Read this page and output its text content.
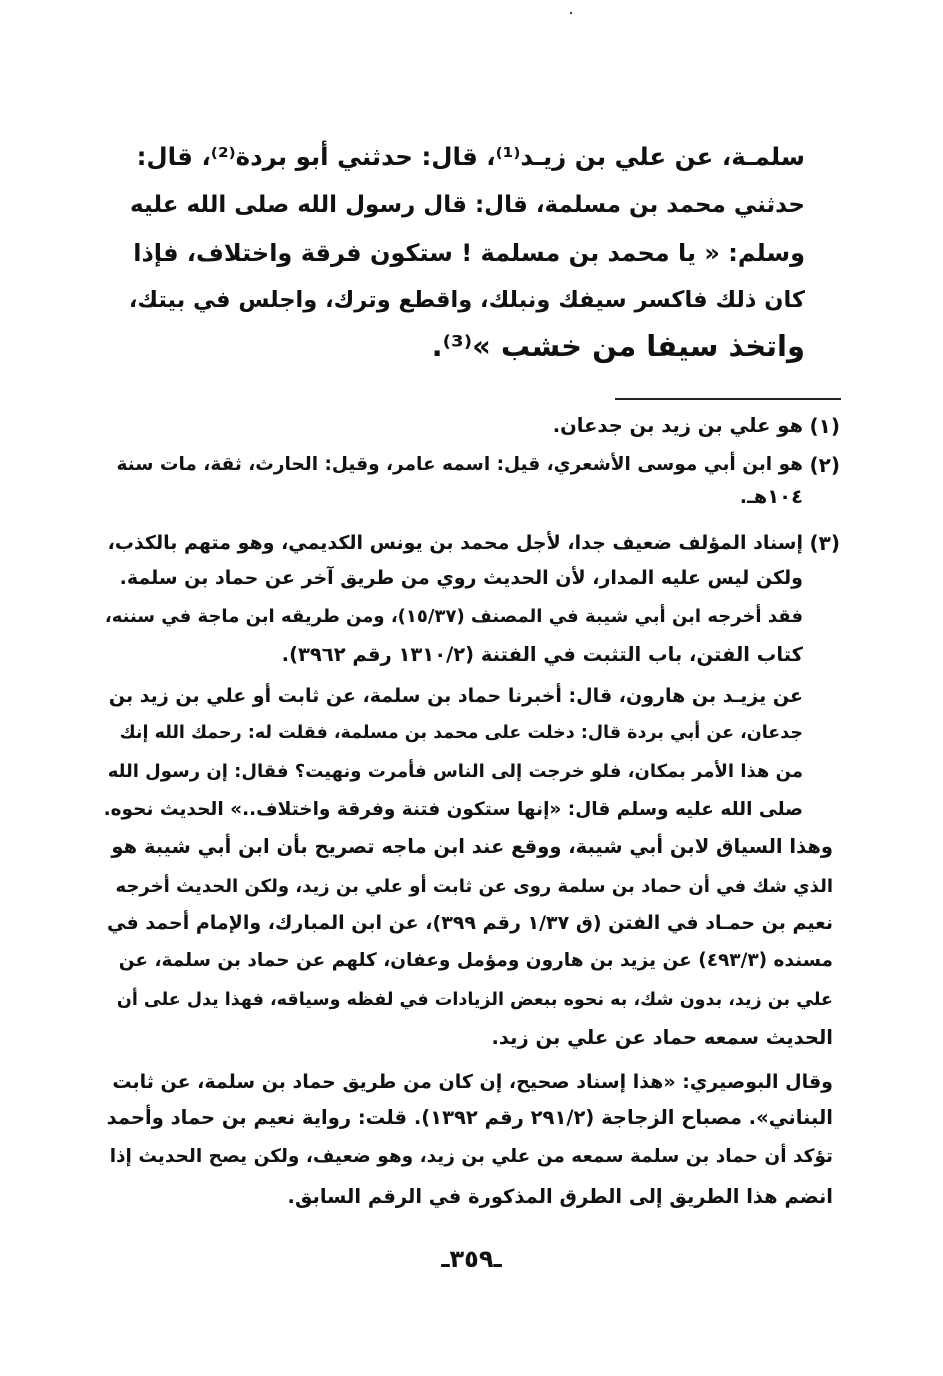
سلمـة، عن علي بن زيـد⁽¹⁾، قال: حدثني أبو بردة⁽²⁾، قال:
حدثني محمد بن مسلمة، قال: قال رسول الله صلى الله عليه
وسلم: « يا محمد بن مسلمة ! ستكون فرقة واختلاف، فإذا
كان ذلك فاكسر سيفك ونبلك، واقطع وترك، واجلس في بيتك،
واتخذ سيفا من خشب »⁽³⁾.
(١)
هو علي بن زيد بن جدعان.
(٢)
هو ابن أبي موسى الأشعري، قيل: اسمه عامر، وقيل: الحارث، ثقة، مات سنة
١٠٤هـ.
(٣)
إسناد المؤلف ضعيف جدا، لأجل محمد بن يونس الكديمي، وهو متهم بالكذب،
ولكن ليس عليه المدار، لأن الحديث روي من طريق آخر عن حماد بن سلمة.
فقد أخرجه ابن أبي شيبة في المصنف (١٥/٣٧)، ومن طريقه ابن ماجة في سننه،
كتاب الفتن، باب التثبت في الفتنة (١٣١٠/٢ رقم ٣٩٦٢).
عن يزيـد بن هارون، قال: أخبرنا حماد بن سلمة، عن ثابت أو علي بن زيد بن
جدعان، عن أبي بردة قال: دخلت على محمد بن مسلمة، فقلت له: رحمك الله إنك
من هذا الأمر بمكان، فلو خرجت إلى الناس فأمرت ونهيت؟ فقال: إن رسول الله
صلى الله عليه وسلم قال: «إنها ستكون فتنة وفرقة واختلاف..» الحديث نحوه.
وهذا السياق لابن أبي شيبة، ووقع عند ابن ماجه تصريح بأن ابن أبي شيبة هو
الذي شك في أن حماد بن سلمة روى عن ثابت أو علي بن زيد، ولكن الحديث أخرجه
نعيم بن حمـاد في الفتن (ق ١/٣٧ رقم ٣٩٩)، عن ابن المبارك، والإمام أحمد في
مسنده (٤٩٣/٣) عن يزيد بن هارون ومؤمل وعفان، كلهم عن حماد بن سلمة، عن
علي بن زيد، بدون شك، به نحوه ببعض الزيادات في لفظه وسياقه، فهذا يدل على أن
الحديث سمعه حماد عن علي بن زيد.
وقال البوصيري: «هذا إسناد صحيح، إن كان من طريق حماد بن سلمة، عن ثابت
البناني». مصباح الزجاجة (٢٩١/٢ رقم ١٣٩٢). قلت: رواية نعيم بن حماد وأحمد
تؤكد أن حماد بن سلمة سمعه من علي بن زيد، وهو ضعيف، ولكن يصح الحديث إذا
انضم هذا الطريق إلى الطرق المذكورة في الرقم السابق.
ـ٣٥٩ـ
